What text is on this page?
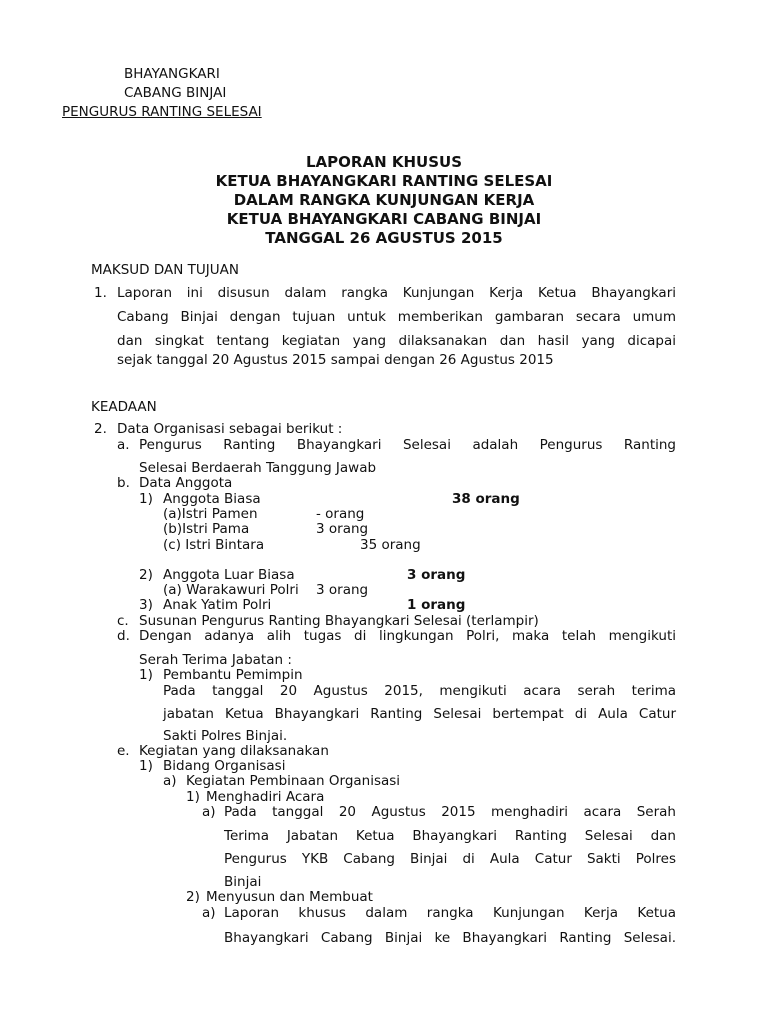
BHAYANGKARI
CABANG BINJAI
PENGURUS RANTING SELESAI
LAPORAN KHUSUS
KETUA BHAYANGKARI RANTING SELESAI
DALAM RANGKA KUNJUNGAN KERJA
KETUA BHAYANGKARI CABANG BINJAI
TANGGAL 26 AGUSTUS 2015
MAKSUD DAN TUJUAN
1. Laporan ini disusun dalam rangka Kunjungan Kerja Ketua Bhayangkari
Cabang Binjai dengan tujuan untuk memberikan gambaran secara umum
dan singkat tentang kegiatan yang dilaksanakan dan hasil yang dicapai
sejak tanggal 20 Agustus 2015 sampai dengan 26 Agustus 2015
KEADAAN
2. Data Organisasi sebagai berikut :
a. Pengurus Ranting Bhayangkari Selesai adalah Pengurus Ranting
Selesai Berdaerah Tanggung Jawab
b. Data Anggota
1) Anggota Biasa	38 orang
(a)Istri Pamen	- orang
(b)Istri Pama	3 orang
(c) Istri Bintara	35 orang
2) Anggota Luar Biasa	3 orang
(a) Warakawuri Polri 3 orang
3) Anak Yatim Polri	1 orang
c. Susunan Pengurus Ranting Bhayangkari Selesai (terlampir)
d. Dengan adanya alih tugas di lingkungan Polri, maka telah mengikuti
Serah Terima Jabatan :
1) Pembantu Pemimpin
Pada tanggal 20 Agustus 2015, mengikuti acara serah terima
jabatan Ketua Bhayangkari Ranting Selesai bertempat di Aula Catur
Sakti Polres Binjai.
e. Kegiatan yang dilaksanakan
1) Bidang Organisasi
a) Kegiatan Pembinaan Organisasi
1) Menghadiri Acara
a) Pada tanggal 20 Agustus 2015 menghadiri acara Serah
Terima Jabatan Ketua Bhayangkari Ranting Selesai dan
Pengurus YKB Cabang Binjai di Aula Catur Sakti Polres
Binjai
2) Menyusun dan Membuat
a) Laporan khusus dalam rangka Kunjungan Kerja Ketua
Bhayangkari Cabang Binjai ke Bhayangkari Ranting Selesai.
